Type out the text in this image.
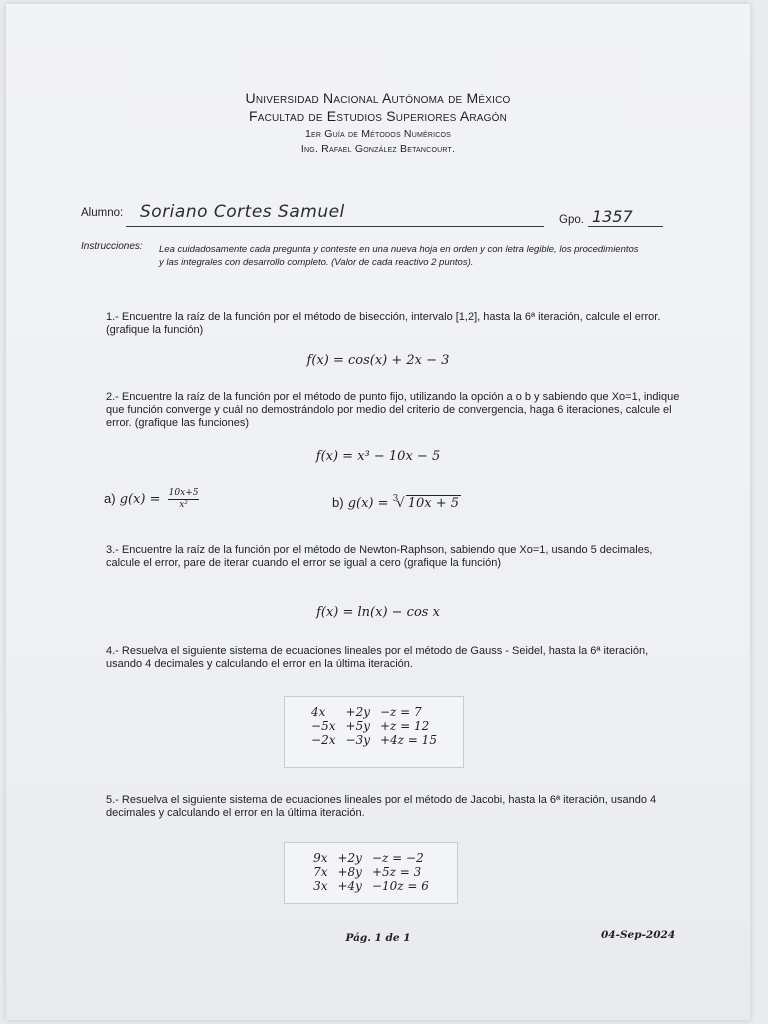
Universidad Nacional Autónoma de México
Facultad de Estudios Superiores Aragón
1er Guía de Métodos Numéricos
Ing. Rafael González Betancourt.
Alumno: Soriano Cortes Samuel	Gpo. 1357
Instrucciones: Lea cuidadosamente cada pregunta y conteste en una nueva hoja en orden y con letra legible, los procedimientos y las integrales con desarrollo completo. (Valor de cada reactivo 2 puntos).
1.- Encuentre la raíz de la función por el método de bisección, intervalo [1,2], hasta la 6ª iteración, calcule el error. (grafique la función)
f(x) = cos(x) + 2x − 3
2.- Encuentre la raíz de la función por el método de punto fijo, utilizando la opción a o b y sabiendo que Xo=1, indique que función converge y cuál no demostrándolo por medio del criterio de convergencia, haga 6 iteraciones, calcule el error. (grafique las funciones)
f(x) = x³ − 10x − 5
a) $g(x) = \frac{10x+5}{\text{x²}}$	b) g(x) = $^3$√ 10x + 5
3.- Encuentre la raíz de la función por el método de Newton-Raphson, sabiendo que Xo=1, usando 5 decimales, calcule el error, pare de iterar cuando el error se igual a cero (grafique la función)
f(x) = ln(x) − cos x
4.- Resuelva el siguiente sistema de ecuaciones lineales por el método de Gauss - Seidel, hasta la 6ª iteración, usando 4 decimales y calculando el error en la última iteración.
4x	+2y	−z = 7
−5x	+5y	+z = 12
−2x	−3y	+4z = 15
5.- Resuelva el siguiente sistema de ecuaciones lineales por el método de Jacobi, hasta la 6ª iteración, usando 4 decimales y calculando el error en la última iteración.
9x	+2y	−z = −2
7x	+8y	+5z = 3
3x	+4y	−10z = 6
Pág. 1 de 1	04-Sep-2024
